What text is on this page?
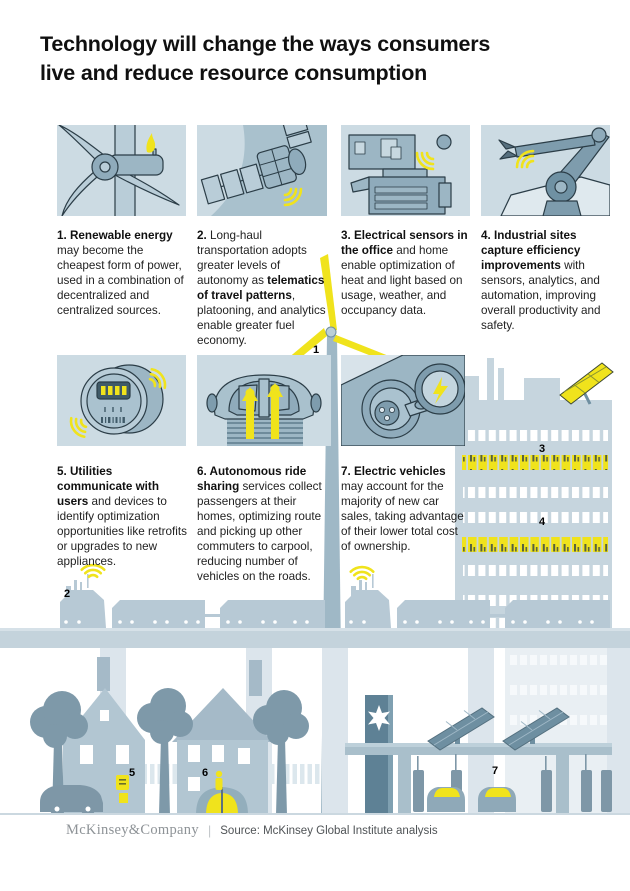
Technology will change the ways consumers
live and reduce resource consumption

1. Renewable energy may become the cheapest form of power, used in a combination of decentralized and centralized sources.

2. Long-haul transportation adopts greater levels of autonomy as telematics of travel patterns, platooning, and analytics enable greater fuel economy.

3. Electrical sensors in the office and home enable optimization of heat and light based on usage, weather, and occupancy data.

4. Industrial sites capture efficiency improvements with sensors, analytics, and automation, improving overall productivity and safety.

5. Utilities communicate with users and devices to identify optimization opportunities like retrofits or upgrades to new appliances.

6. Autonomous ride sharing services collect passengers at their homes, optimizing route and picking up other commuters to carpool, reducing number of vehicles on the roads.

7. Electric vehicles may account for the majority of new car sales, taking advantage of their lower total cost of ownership.

1
2
3
4
5	6	7
McKinsey&Company | Source: McKinsey Global Institute analysis
